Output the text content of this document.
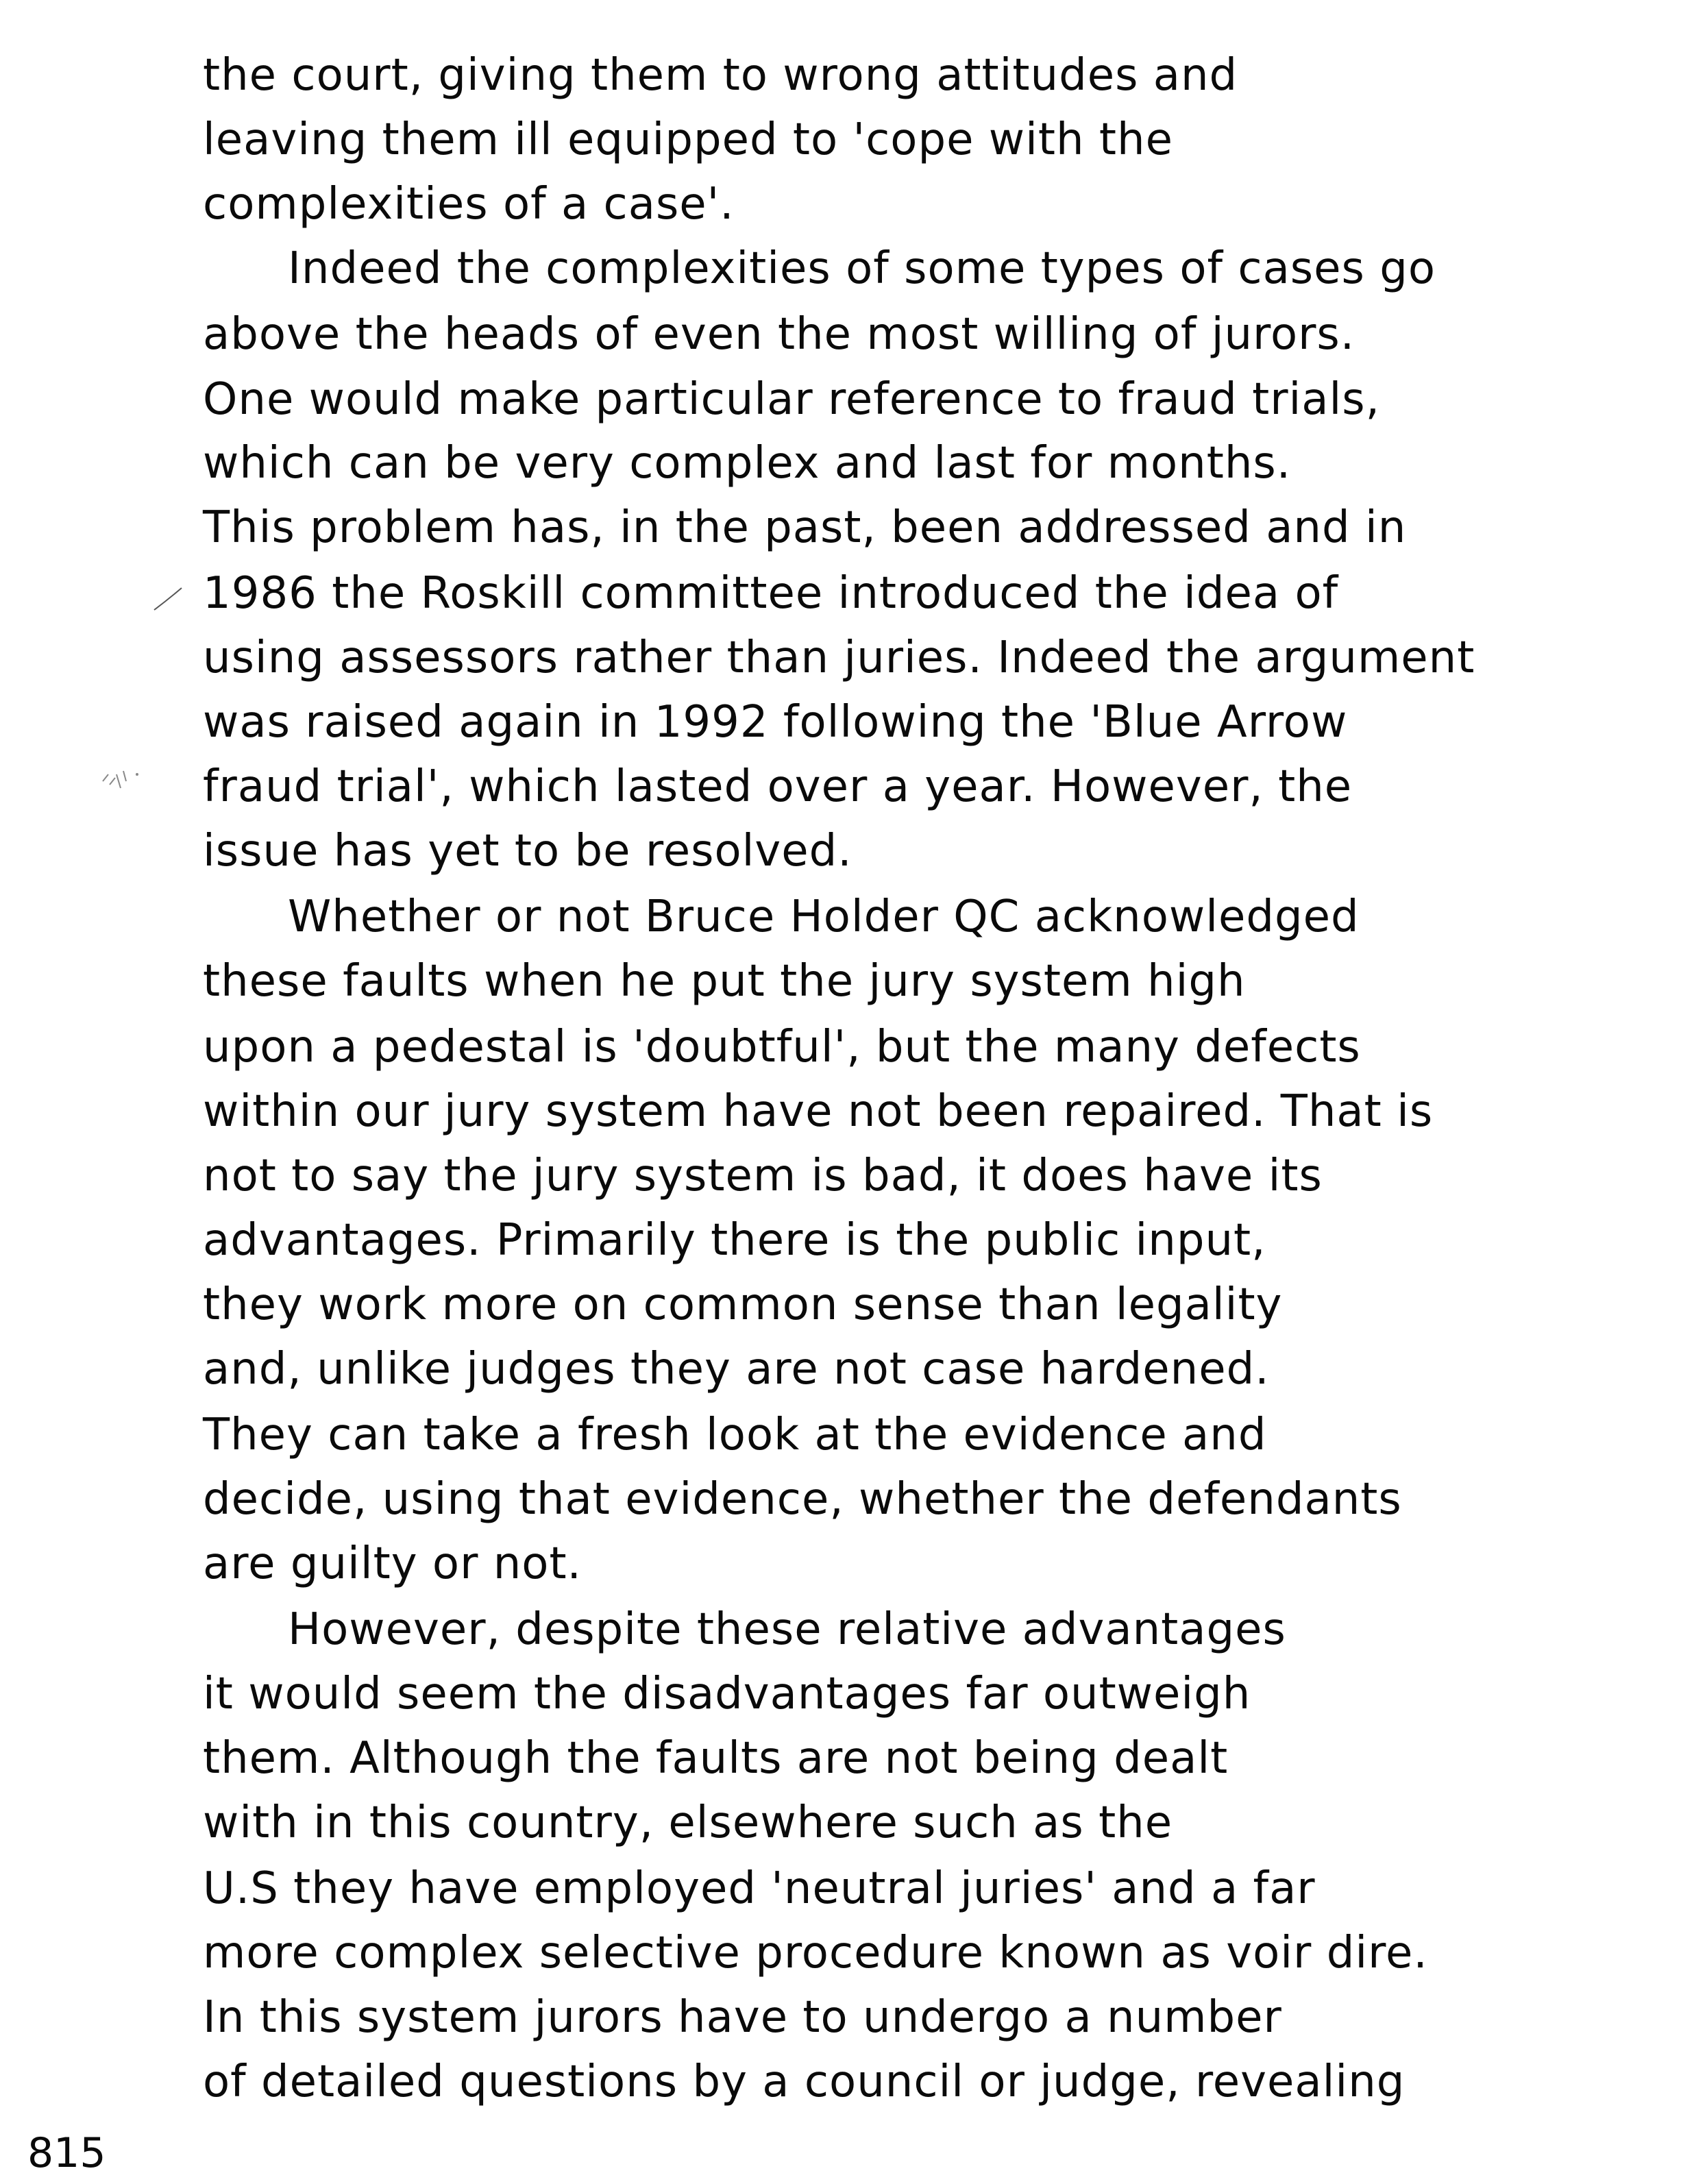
the court, giving them to wrong attitudes and
leaving them ill equipped to 'cope with the
complexities of a case'.
Indeed the complexities of some types of cases go
above the heads of even the most willing of jurors.
One would make particular reference to fraud trials,
which can be very complex and last for months.
This problem has, in the past, been addressed and in
1986 the Roskill committee introduced the idea of
using assessors rather than juries. Indeed the argument
was raised again in 1992 following the 'Blue Arrow
fraud trial', which lasted over a year. However, the
issue has yet to be resolved.
Whether or not Bruce Holder QC acknowledged
these faults when he put the jury system high
upon a pedestal is 'doubtful', but the many defects
within our jury system have not been repaired. That is
not to say the jury system is bad, it does have its
advantages. Primarily there is the public input,
they work more on common sense than legality
and, unlike judges they are not case hardened.
They can take a fresh look at the evidence and
decide, using that evidence, whether the defendants
are guilty or not.
However, despite these relative advantages
it would seem the disadvantages far outweigh
them. Although the faults are not being dealt
with in this country, elsewhere such as the
U.S they have employed 'neutral juries' and a far
more complex selective procedure known as voir dire.
In this system jurors have to undergo a number
of detailed questions by a council or judge, revealing
815
